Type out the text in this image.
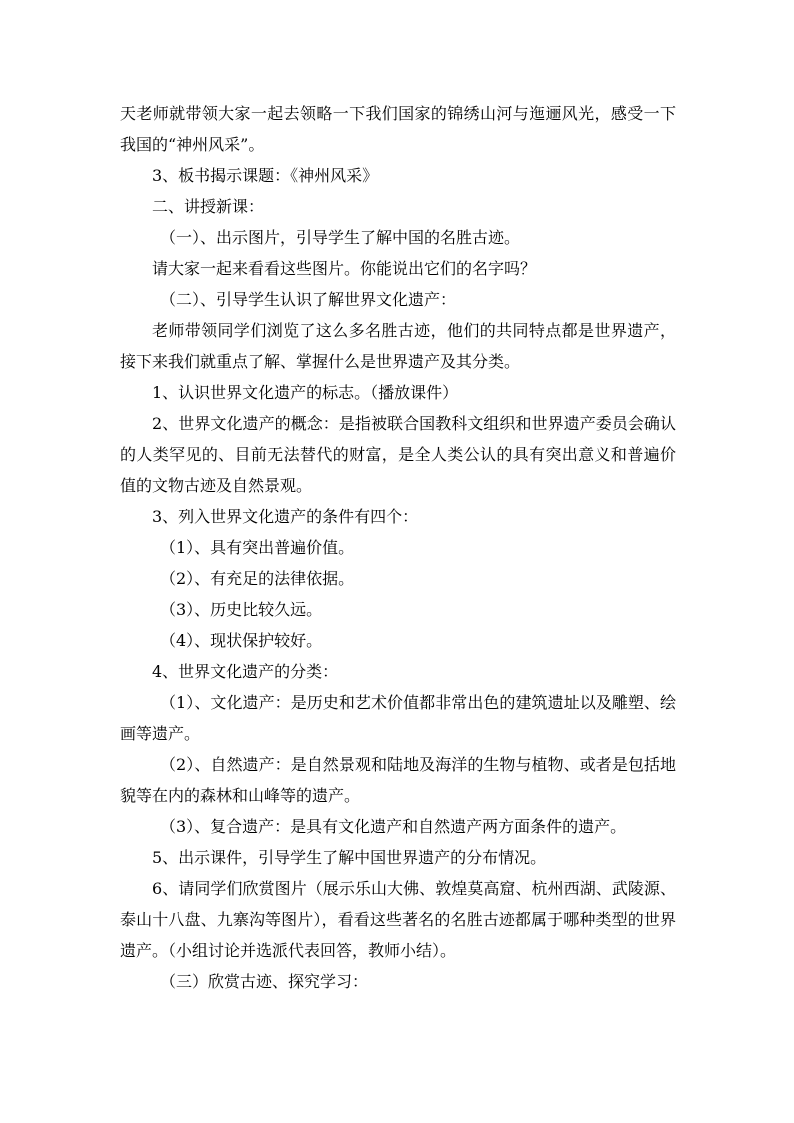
天老师就带领大家一起去领略一下我们国家的锦绣山河与迤逦风光，感受一下我国的“神州风采”。

3、板书揭示课题：《神州风采》

二、讲授新课：

（一）、出示图片，引导学生了解中国的名胜古迹。

请大家一起来看看这些图片。你能说出它们的名字吗？

（二）、引导学生认识了解世界文化遗产：

老师带领同学们浏览了这么多名胜古迹，他们的共同特点都是世界遗产，接下来我们就重点了解、掌握什么是世界遗产及其分类。

1、认识世界文化遗产的标志。（播放课件）

2、世界文化遗产的概念：是指被联合国教科文组织和世界遗产委员会确认的人类罕见的、目前无法替代的财富，是全人类公认的具有突出意义和普遍价值的文物古迹及自然景观。

3、列入世界文化遗产的条件有四个：

（1）、具有突出普遍价值。

（2）、有充足的法律依据。

（3）、历史比较久远。

（4）、现状保护较好。

4、世界文化遗产的分类：

（1）、文化遗产：是历史和艺术价值都非常出色的建筑遗址以及雕塑、绘画等遗产。

（2）、自然遗产：是自然景观和陆地及海洋的生物与植物、或者是包括地貌等在内的森林和山峰等的遗产。

（3）、复合遗产：是具有文化遗产和自然遗产两方面条件的遗产。

5、出示课件，引导学生了解中国世界遗产的分布情况。

6、请同学们欣赏图片（展示乐山大佛、敦煌莫高窟、杭州西湖、武陵源、泰山十八盘、九寨沟等图片），看看这些著名的名胜古迹都属于哪种类型的世界遗产。（小组讨论并选派代表回答，教师小结）。

（三）欣赏古迹、探究学习：
